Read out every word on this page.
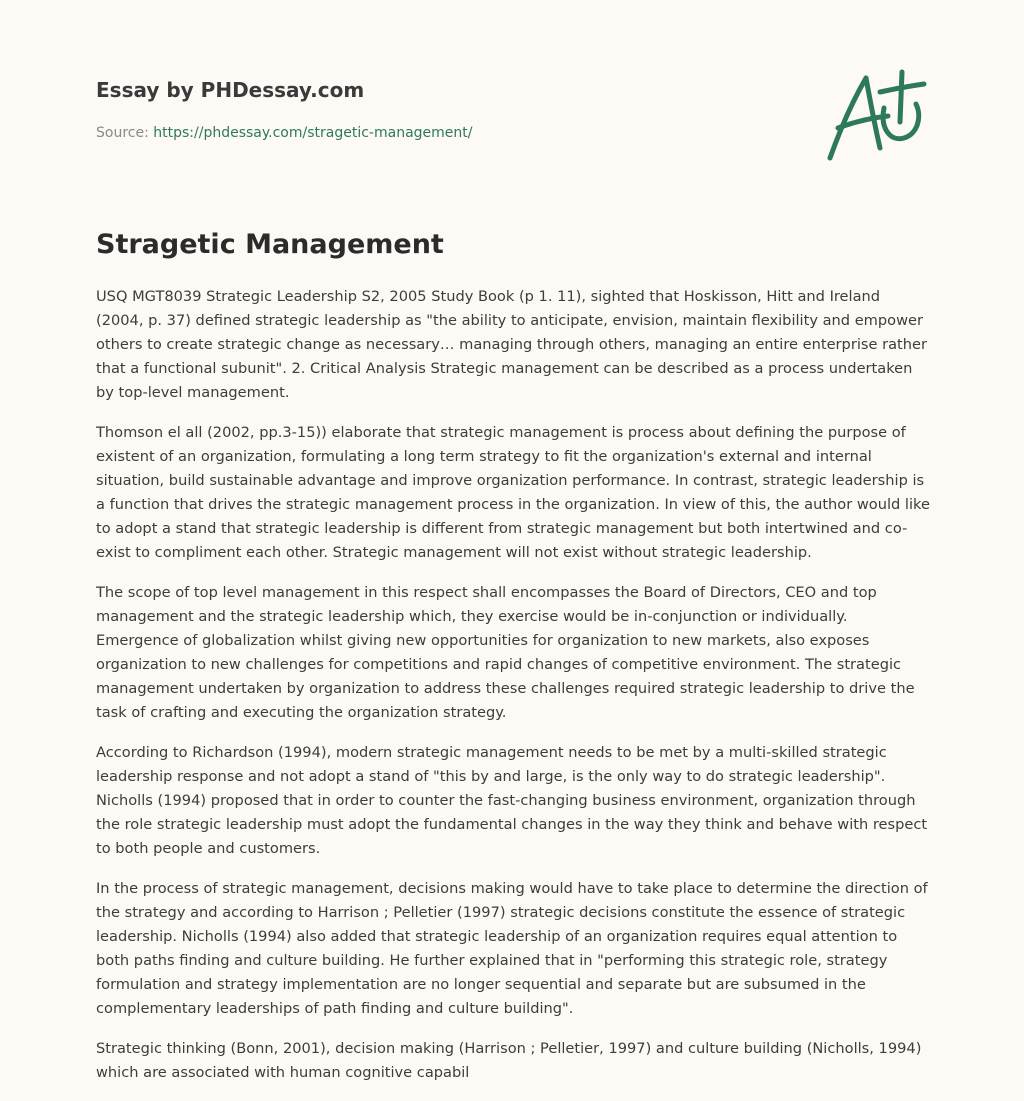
Essay by PHDessay.com
Source: https://phdessay.com/stragetic-management/
Stragetic Management

USQ MGT8039 Strategic Leadership S2, 2005 Study Book (p 1. 11), sighted that Hoskisson, Hitt and Ireland (2004, p. 37) defined strategic leadership as "the ability to anticipate, envision, maintain flexibility and empower others to create strategic change as necessary… managing through others, managing an entire enterprise rather that a functional subunit". 2. Critical Analysis Strategic management can be described as a process undertaken by top-level management.

Thomson el all (2002, pp.3-15)) elaborate that strategic management is process about defining the purpose of existent of an organization, formulating a long term strategy to fit the organization's external and internal situation, build sustainable advantage and improve organization performance. In contrast, strategic leadership is a function that drives the strategic management process in the organization. In view of this, the author would like to adopt a stand that strategic leadership is different from strategic management but both intertwined and co-exist to compliment each other. Strategic management will not exist without strategic leadership.

The scope of top level management in this respect shall encompasses the Board of Directors, CEO and top management and the strategic leadership which, they exercise would be in-conjunction or individually. Emergence of globalization whilst giving new opportunities for organization to new markets, also exposes organization to new challenges for competitions and rapid changes of competitive environment. The strategic management undertaken by organization to address these challenges required strategic leadership to drive the task of crafting and executing the organization strategy.

According to Richardson (1994), modern strategic management needs to be met by a multi-skilled strategic leadership response and not adopt a stand of "this by and large, is the only way to do strategic leadership". Nicholls (1994) proposed that in order to counter the fast-changing business environment, organization through the role strategic leadership must adopt the fundamental changes in the way they think and behave with respect to both people and customers.

In the process of strategic management, decisions making would have to take place to determine the direction of the strategy and according to Harrison ; Pelletier (1997) strategic decisions constitute the essence of strategic leadership. Nicholls (1994) also added that strategic leadership of an organization requires equal attention to both paths finding and culture building. He further explained that in "performing this strategic role, strategy formulation and strategy implementation are no longer sequential and separate but are subsumed in the complementary leaderships of path finding and culture building".

Strategic thinking (Bonn, 2001), decision making (Harrison ; Pelletier, 1997) and culture building (Nicholls, 1994) which are associated with human cognitive capabil
